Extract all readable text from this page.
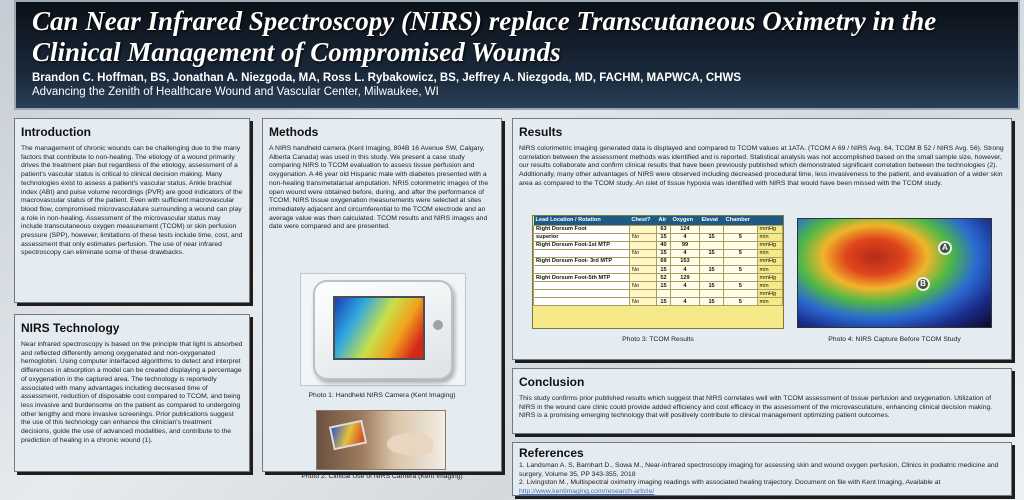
Can Near Infrared Spectroscopy (NIRS) replace Transcutaneous Oximetry in the Clinical Management of Compromised Wounds
Brandon C. Hoffman, BS, Jonathan A. Niezgoda, MA, Ross L. Rybakowicz, BS, Jeffrey A. Niezgoda, MD, FACHM, MAPWCA, CHWS
Advancing the Zenith of Healthcare Wound and Vascular Center, Milwaukee, WI
Introduction

The management of chronic wounds can be challenging due to the many factors that contribute to non-healing. The etiology of a wound primarily drives the treatment plan but regardless of the etiology, assessment of a patient's vascular status is critical to clinical decision making. Many technologies exist to assess a patient's vascular status. Ankle brachial index (ABI) and pulse volume recordings (PVR) are good indicators of the macrovascular status of the patient. Even with sufficient macrovascular blood flow, compromised microvasculature surrounding a wound can play a role in non-healing. Assessment of the microvascular status may include transcutaneous oxygen measurement (TCOM) or skin perfusion pressure (SPP), however, limitations of these tests include time, cost, and assessment that only estimates perfusion. The use of near infrared spectroscopy can eliminate some of these drawbacks.

NIRS Technology

Near infrared spectroscopy is based on the principle that light is absorbed and reflected differently among oxygenated and non-oxygenated hemoglobin. Using computer interfaced algorithms to detect and interpret differences in absorption a model can be created displaying a percentage of oxygenation in the captured area. The technology is reportedly associated with many advantages including decreased time of assessment, reduction of disposable cost compared to TCOM, and being less invasive and burdensome on the patient as compared to undergoing other lengthy and more invasive screenings. Prior publications suggest the use of this technology can enhance the clinician's treatment decisions, guide the use of advanced modalities, and contribute to the prediction of healing in a chronic wound (1).

Methods

A NIRS handheld camera (Kent Imaging, 804B 16 Avenue SW, Calgary, Alberta Canada) was used in this study. We present a case study comparing NIRS to TCOM evaluation to assess tissue perfusion and oxygenation. A 46 year old Hispanic male with diabetes presented with a non-healing transmetatarsal amputation. NRIS colorimetric images of the open wound were obtained before, during, and after the performance of TCOM. NIRS tissue oxygenation measurements were selected at sites immediately adjacent and circumferential to the TCOM electrode and an average value was then calculated. TCOM results and NIRS images and date were compared and are presented.

Photo 1: Handheld NIRS Camera (Kent Imaging)
Photo 2: Clinical Use of NIRS Camera (Kent Imaging)
Results

NIRS colorimetric imaging generated data is displayed and compared to TCOM values at 1ATA. (TCOM A 69 / NIRS Avg. 64, TCOM B 52 / NIRS Avg. 56). Strong correlation between the assessment methods was identified and is reported. Statistical analysis was not accomplished based on the small sample size, however, our results collaborate and confirm clinical results that have been previously published which demonstrated significant correlation between the technologies (2). Additionally, many other advantages of NIRS were observed including decreased procedural time, less invasiveness to the patient, and evaluation of a wider skin area as compared to the TCOM study. An islet of tissue hypoxia was identified with NIRS that would have been missed with the TCOM study.

Lead Location / Rotation	Chest?	Air	Oxygen	Elevat	Chamber	
Right Dorsum Foot		63	124			mmHg
superior	No	15	4	15	5	min
Right Dorsum Foot-1st MTP		40	99			mmHg
	No	15	4	15	5	min
Right Dorsum Foot- 3rd MTP		69	153			mmHg
	No	15	4	15	5	min
Right Dorsum Foot-5th MTP		52	129			mmHg
	No	15	4	15	5	min
						mmHg
	No	15	4	15	5	min
Photo 3: TCOM Results
A
B
Photo 4: NIRS Capture Before TCOM Study
Conclusion

This study confirms prior published results which suggest that NIRS correlates well with TCOM assessment of tissue perfusion and oxygenation. Utilization of NIRS in the wound care clinic could provide added efficiency and cost efficacy in the assessment of the microvasculature, enhancing clinical decision making. NIRS is a promising emerging technology that will positively contribute to clinical management optimizing patient outcomes.

References

1. Landsman A. S, Barnhart D., Sowa M., Near-infrared spectroscopy imaging for assessing skin and wound oxygen perfusion, Clinics in podiatric medicine and surgery, Volume 35, PP 343-355, 2018

2. Livingston M., Multispectral oximetry imaging readings with associated healing trajectory. Document on file with Kent Imaging, Available at
http://www.kentimaging.com/research-article/
